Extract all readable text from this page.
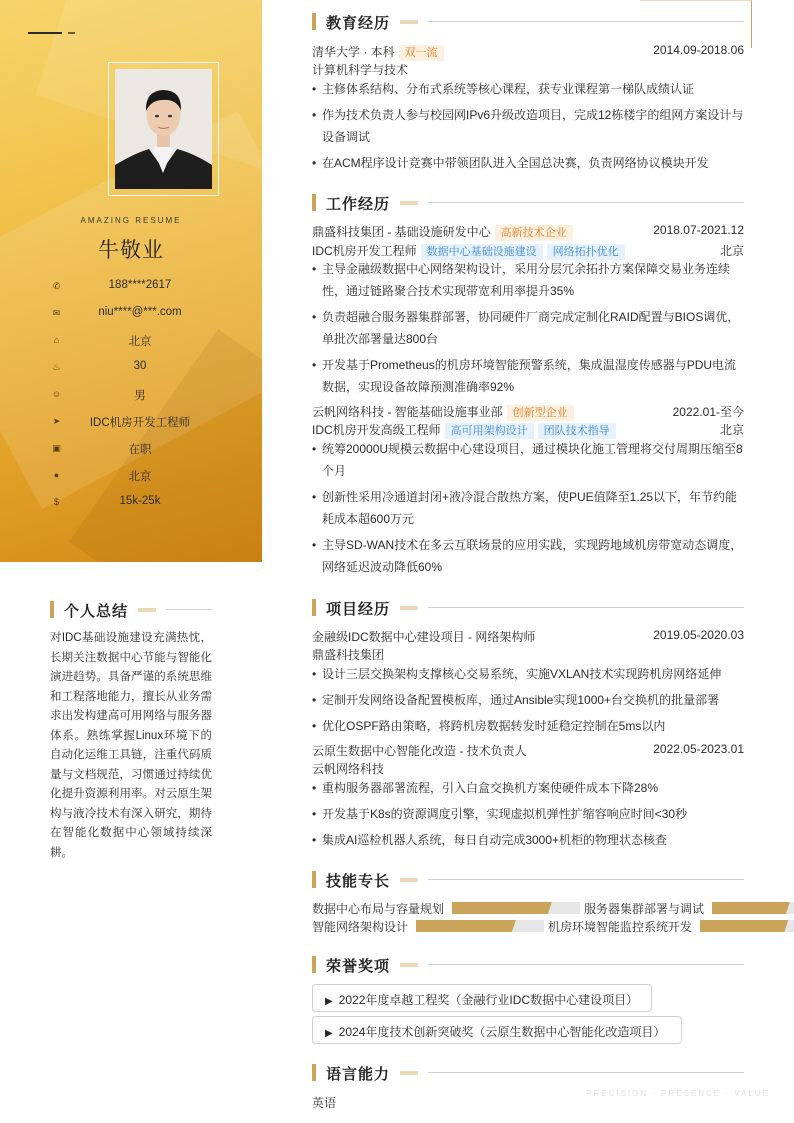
AMAZING RESUME
牛敬业
✆	188****2617
✉	niu****@***.com
⌂	北京
♨	30
☺	男
➤	IDC机房开发工程师
▣	在职
●	北京
$	15k-25k
个人总结
对IDC基础设施建设充满热忱，长期关注数据中心节能与智能化演进趋势。具备严谨的系统思维和工程落地能力，擅长从业务需求出发构建高可用网络与服务器体系。熟练掌握Linux环境下的自动化运维工具链，注重代码质量与文档规范，习惯通过持续优化提升资源利用率。对云原生架构与液冷技术有深入研究，期待在智能化数据中心领域持续深耕。
教育经历
清华大学 · 本科 双一流	2014.09-2018.06
计算机科学与技术
• 主修体系结构、分布式系统等核心课程，获专业课程第一梯队成绩认证
• 作为技术负责人参与校园网IPv6升级改造项目，完成12栋楼宇的组网方案设计与设备调试
• 在ACM程序设计竞赛中带领团队进入全国总决赛，负责网络协议模块开发
工作经历
鼎盛科技集团 - 基础设施研发中心 高新技术企业	2018.07-2021.12
IDC机房开发工程师 数据中心基础设施建设 网络拓扑优化	北京
• 主导金融级数据中心网络架构设计，采用分层冗余拓扑方案保障交易业务连续性，通过链路聚合技术实现带宽利用率提升35%
• 负责超融合服务器集群部署，协同硬件厂商完成定制化RAID配置与BIOS调优，单批次部署量达800台
• 开发基于Prometheus的机房环境智能预警系统，集成温湿度传感器与PDU电流数据，实现设备故障预测准确率92%
云帆网络科技 - 智能基础设施事业部 创新型企业	2022.01-至今
IDC机房开发高级工程师 高可用架构设计 团队技术指导	北京
• 统筹20000U规模云数据中心建设项目，通过模块化施工管理将交付周期压缩至8个月
• 创新性采用冷通道封闭+液冷混合散热方案，使PUE值降至1.25以下，年节约能耗成本超600万元
• 主导SD-WAN技术在多云互联场景的应用实践，实现跨地域机房带宽动态调度，网络延迟波动降低60%
项目经历
金融级IDC数据中心建设项目 - 网络架构师	2019.05-2020.03
鼎盛科技集团
• 设计三层交换架构支撑核心交易系统，实施VXLAN技术实现跨机房网络延伸
• 定制开发网络设备配置模板库，通过Ansible实现1000+台交换机的批量部署
• 优化OSPF路由策略，将跨机房数据转发时延稳定控制在5ms以内
云原生数据中心智能化改造 - 技术负责人	2022.05-2023.01
云帆网络科技
• 重构服务器部署流程，引入白盒交换机方案使硬件成本下降28%
• 开发基于K8s的资源调度引擎，实现虚拟机弹性扩缩容响应时间<30秒
• 集成AI巡检机器人系统，每日自动完成3000+机柜的物理状态核查
技能专长
数据中心布局与容量规划	服务器集群部署与调试
智能网络架构设计	机房环境智能监控系统开发
荣誉奖项
▶ 2022年度卓越工程奖（金融行业IDC数据中心建设项目）
▶ 2024年度技术创新突破奖（云原生数据中心智能化改造项目）
语言能力
英语
PRECISION · PRESENCE · VALUE
